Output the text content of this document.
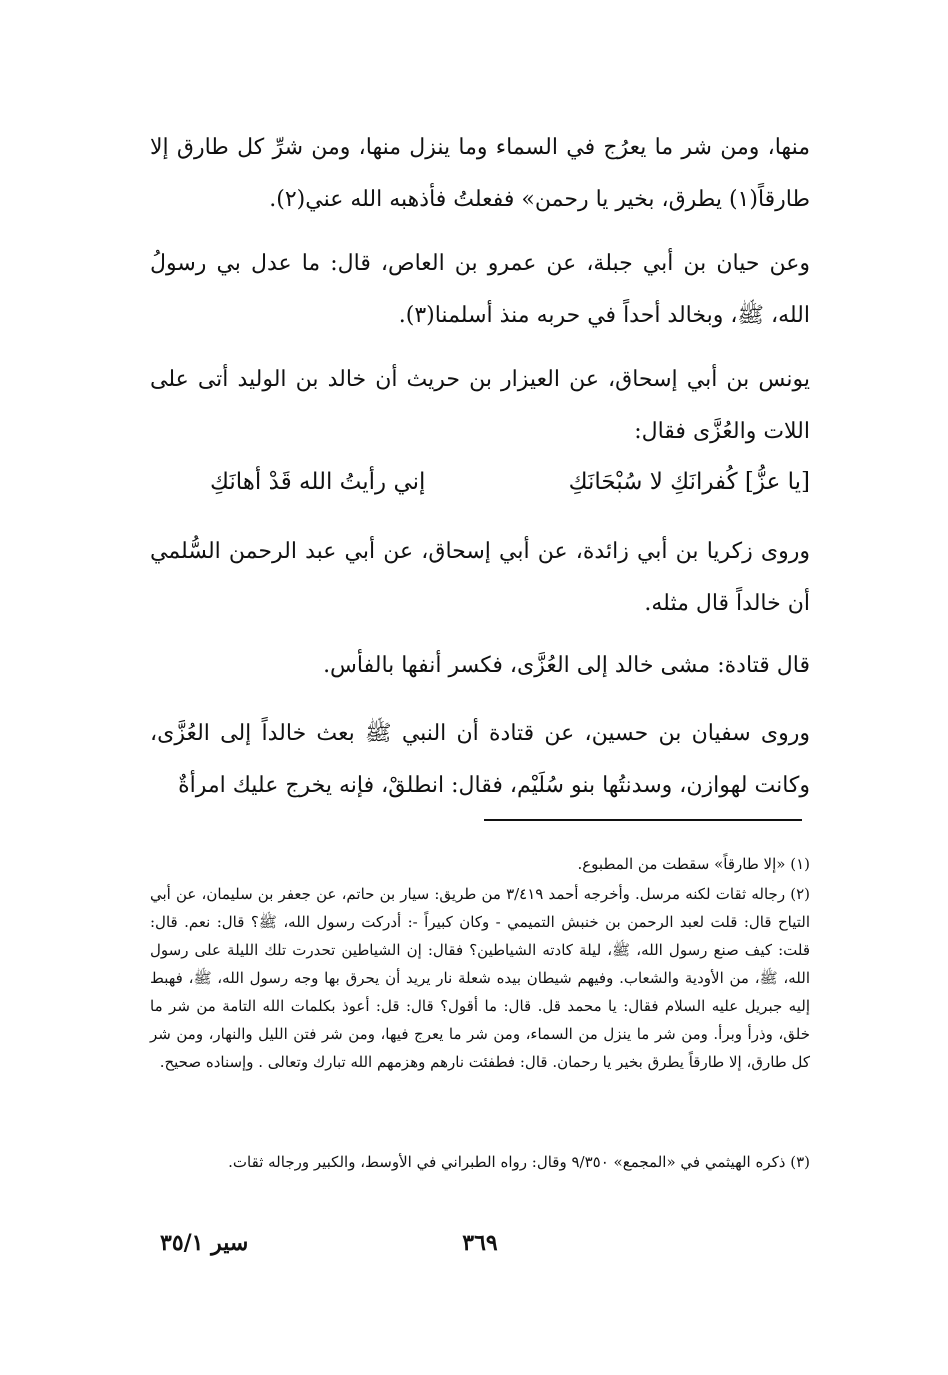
منها، ومن شر ما يعرُج في السماء وما ينزل منها، ومن شرِّ كل طارق إلا طارقاً(١) يطرق، بخير يا رحمن» ففعلتُ فأذهبه الله عني(٢).
وعن حيان بن أبي جبلة، عن عمرو بن العاص، قال: ما عدل بي رسولُ الله، ﷺ، وبخالد أحداً في حربه منذ أسلمنا(٣).
يونس بن أبي إسحاق، عن العيزار بن حريث أن خالد بن الوليد أتى على اللات والعُزَّى فقال:
[يا عزُّ] كُفرانَكِ لا سُبْحَانَكِ
إني رأيتُ الله قَدْ أهانَكِ
وروى زكريا بن أبي زائدة، عن أبي إسحاق، عن أبي عبد الرحمن السُّلمي أن خالداً قال مثله.
قال قتادة: مشى خالد إلى العُزَّى، فكسر أنفها بالفأس.
وروى سفيان بن حسين، عن قتادة أن النبي ﷺ بعث خالداً إلى العُزَّى، وكانت لهوازن، وسدنتُها بنو سُلَيْم، فقال: انطلقْ، فإنه يخرج عليك امرأةٌ
(١) «إلا طارقاً» سقطت من المطبوع.
(٢) رجاله ثقات لكنه مرسل. وأخرجه أحمد ٣/٤١٩ من طريق: سيار بن حاتم، عن جعفر بن سليمان، عن أبي التياح قال: قلت لعبد الرحمن بن خنبش التميمي - وكان كبيراً -: أدركت رسول الله، ﷺ؟ قال: نعم. قال: قلت: كيف صنع رسول الله، ﷺ، ليلة كادته الشياطين؟ فقال: إن الشياطين تحدرت تلك الليلة على رسول الله، ﷺ، من الأودية والشعاب. وفيهم شيطان بيده شعلة نار يريد أن يحرق بها وجه رسول الله، ﷺ، فهبط إليه جبريل عليه السلام فقال: يا محمد قل. قال: ما أقول؟ قال: قل: أعوذ بكلمات الله التامة من شر ما خلق، وذرأ وبرأ. ومن شر ما ينزل من السماء، ومن شر ما يعرج فيها، ومن شر فتن الليل والنهار، ومن شر كل طارق، إلا طارقاً يطرق بخير يا رحمان. قال: فطفئت نارهم وهزمهم الله تبارك وتعالى . وإسناده صحيح.
(٣) ذكره الهيثمي في «المجمع» ٩/٣٥٠ وقال: رواه الطبراني في الأوسط، والكبير ورجاله ثقات.
سير ٣٥/١	٣٦٩
